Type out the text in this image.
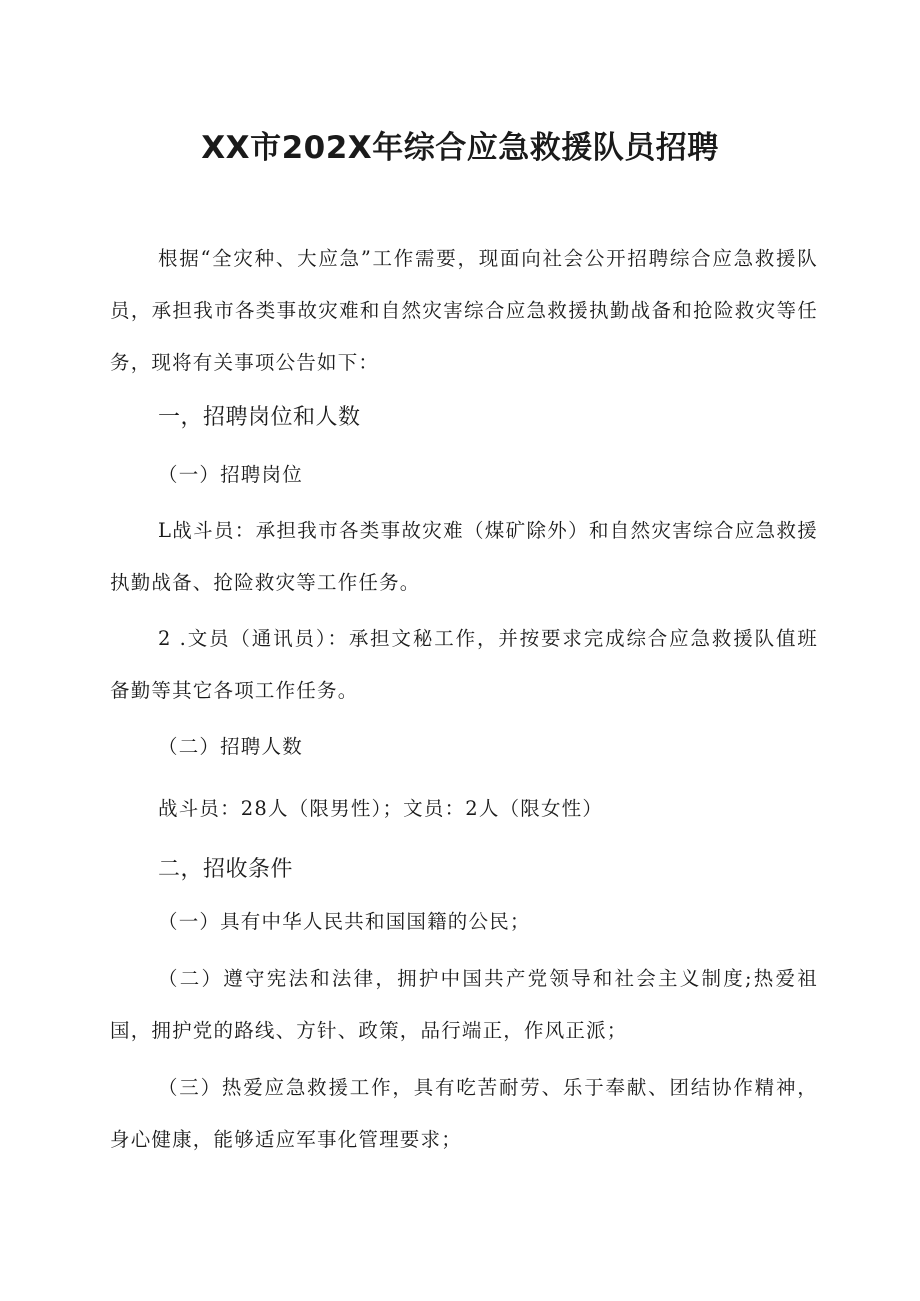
XX市202X年综合应急救援队员招聘

根据“全灾种、大应急”工作需要，现面向社会公开招聘综合应急救援队员，承担我市各类事故灾难和自然灾害综合应急救援执勤战备和抢险救灾等任务，现将有关事项公告如下：

一，招聘岗位和人数

（一）招聘岗位

L战斗员：承担我市各类事故灾难（煤矿除外）和自然灾害综合应急救援执勤战备、抢险救灾等工作任务。

2 .文员（通讯员）：承担文秘工作，并按要求完成综合应急救援队值班备勤等其它各项工作任务。

（二）招聘人数

战斗员：28人（限男性）；文员：2人（限女性）

二，招收条件

（一）具有中华人民共和国国籍的公民；

（二）遵守宪法和法律，拥护中国共产党领导和社会主义制度;热爱祖国，拥护党的路线、方针、政策，品行端正，作风正派；

（三）热爱应急救援工作，具有吃苦耐劳、乐于奉献、团结协作精神，身心健康，能够适应军事化管理要求；
